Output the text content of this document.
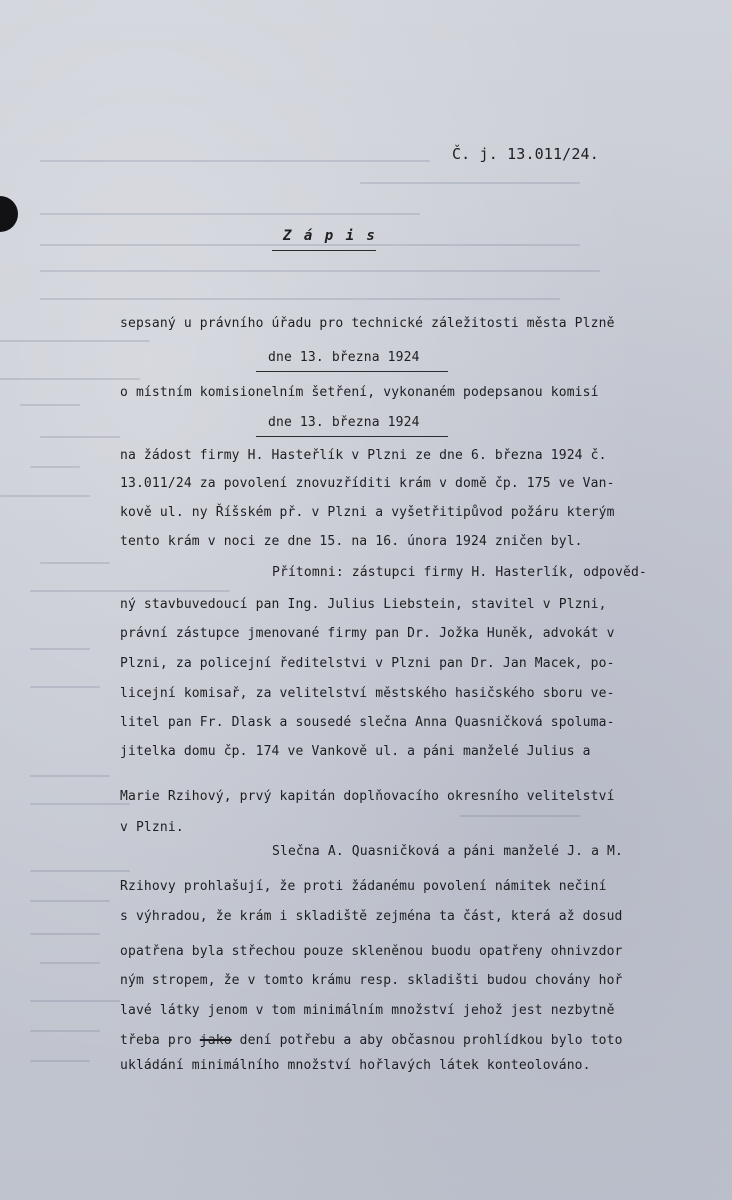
Č. j. 13.011/24.
Z á p i s
sepsaný u právního úřadu pro technické záležitosti města Plzně
dne 13. března 1924
o místním komisionelním šetření, vykonaném podepsanou komisí
dne 13. března 1924
na žádost firmy H. Hasteřlík v Plzni ze dne 6. března 1924 č.
13.011/24 za povolení znovuzříditi krám v domě čp. 175 ve Van-
kově ul. ny Říšském př. v Plzni a vyšetřitipůvod požáru kterým
tento krám v noci ze dne 15. na 16. února 1924 zničen byl.
Přítomni: zástupci firmy H. Hasterlík, odpověd-
ný stavbuvedoucí pan Ing. Julius Liebstein, stavitel v Plzni,
právní zástupce jmenované firmy pan Dr. Jožka Huněk, advokát v
Plzni, za policejní ředitelstvi v Plzni pan Dr. Jan Macek, po-
licejní komisař, za velitelství městského hasičského sboru ve-
litel pan Fr. Dlask a sousedé slečna Anna Quasničková spoluma-
jitelka domu čp. 174 ve Vankově ul. a páni manželé Julius a
Marie Rzihový, prvý kapitán doplňovacího okresního velitelství
v Plzni.
Slečna A. Quasničková a páni manželé J. a M.
Rzihovy prohlašují, že proti žádanému povolení námitek nečiní
s výhradou, že krám i skladiště zejména ta část, která až dosud
opatřena byla střechou pouze skleněnou buodu opatřeny ohnivzdor
ným stropem, že v tomto krámu resp. skladišti budou chovány hoř
lavé látky jenom v tom minimálním množství jehož jest nezbytně
třeba pro jako dení potřebu a aby občasnou prohlídkou bylo toto
ukládání minimálního množství hořlavých látek konteolováno.
